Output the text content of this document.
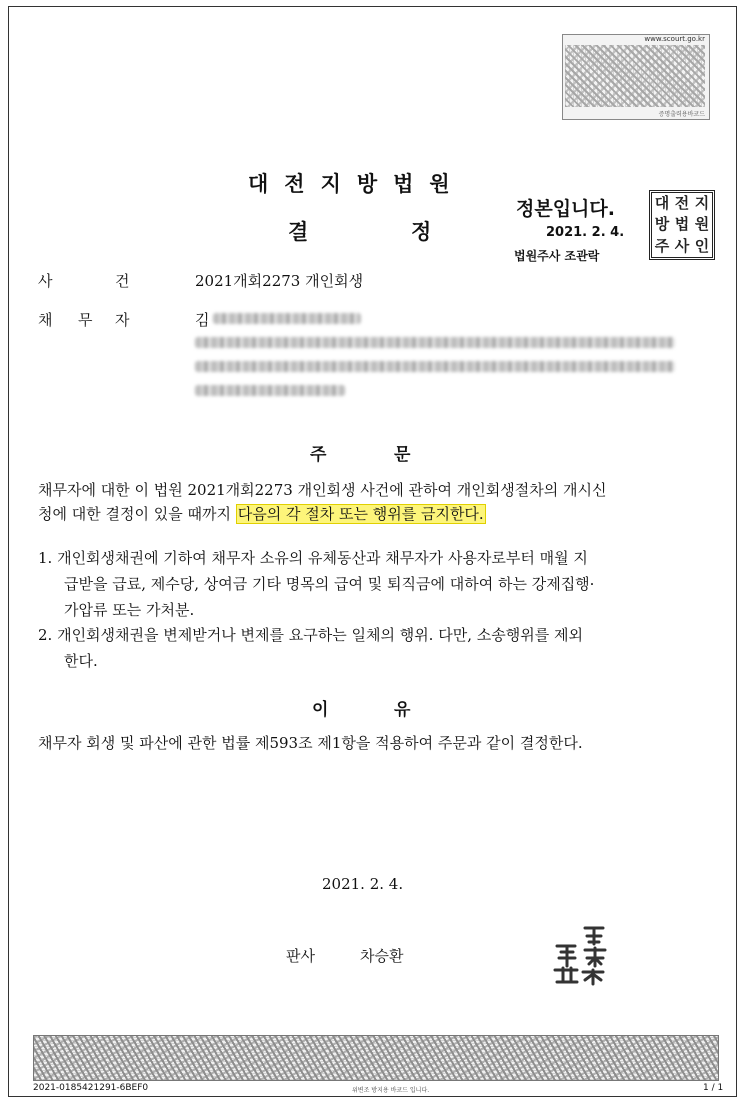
www.scourt.go.kr
증명출력용바코드
대전지방법원
결	정
정본입니다.
2021. 2. 4.
법원주사 조관락
대 전 지
방 법 원
주 사 인
사	건	2021개회2273 개인회생
채 무 자	김
주	문
채무자에 대한 이 법원 2021개회2273 개인회생 사건에 관하여 개인회생절차의 개시신
청에 대한 결정이 있을 때까지 다음의 각 절차 또는 행위를 금지한다.
1. 개인회생채권에 기하여 채무자 소유의 유체동산과 채무자가 사용자로부터 매월 지
급받을 급료, 제수당, 상여금 기타 명목의 급여 및 퇴직금에 대하여 하는 강제집행·
가압류 또는 가처분.
2. 개인회생채권을 변제받거나 변제를 요구하는 일체의 행위. 다만, 소송행위를 제외
한다.
이	유
채무자 회생 및 파산에 관한 법률 제593조 제1항을 적용하여 주문과 같이 결정한다.
2021. 2. 4.
판사	차승환
2021-0185421291-6BEF0	위변조 방지용 바코드 입니다.	1 / 1
